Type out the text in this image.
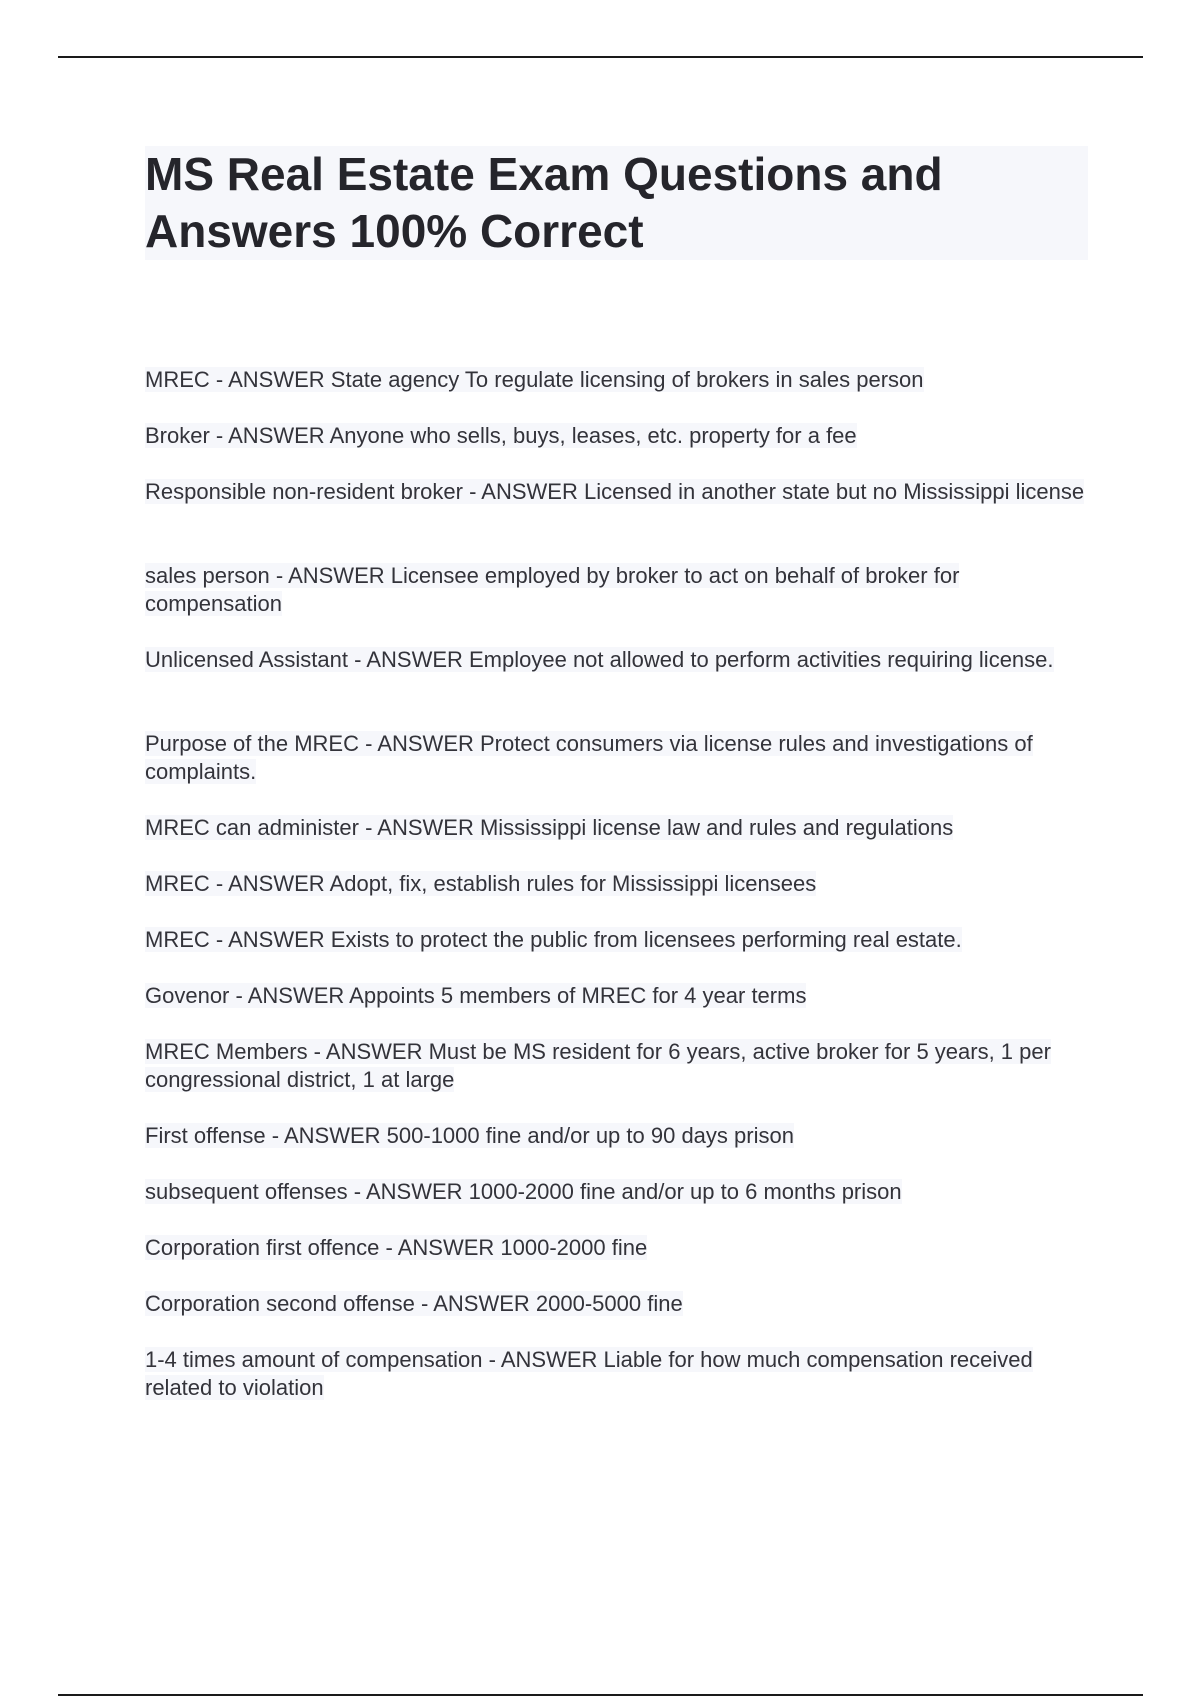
MS Real Estate Exam Questions and Answers 100% Correct
MREC - ANSWER State agency To regulate licensing of brokers in sales person
Broker - ANSWER Anyone who sells, buys, leases, etc. property for a fee
Responsible non-resident broker - ANSWER Licensed in another state but no Mississippi license
sales person - ANSWER Licensee employed by broker to act on behalf of broker for compensation
Unlicensed Assistant - ANSWER Employee not allowed to perform activities requiring license.
Purpose of the MREC - ANSWER Protect consumers via license rules and investigations of complaints.
MREC can administer - ANSWER Mississippi license law and rules and regulations
MREC - ANSWER Adopt, fix, establish rules for Mississippi licensees
MREC - ANSWER Exists to protect the public from licensees performing real estate.
Govenor - ANSWER Appoints 5 members of MREC for 4 year terms
MREC Members - ANSWER Must be MS resident for 6 years, active broker for 5 years, 1 per congressional district, 1 at large
First offense - ANSWER 500-1000 fine and/or up to 90 days prison
subsequent offenses - ANSWER 1000-2000 fine and/or up to 6 months prison
Corporation first offence - ANSWER 1000-2000 fine
Corporation second offense - ANSWER 2000-5000 fine
1-4 times amount of compensation - ANSWER Liable for how much compensation received related to violation
